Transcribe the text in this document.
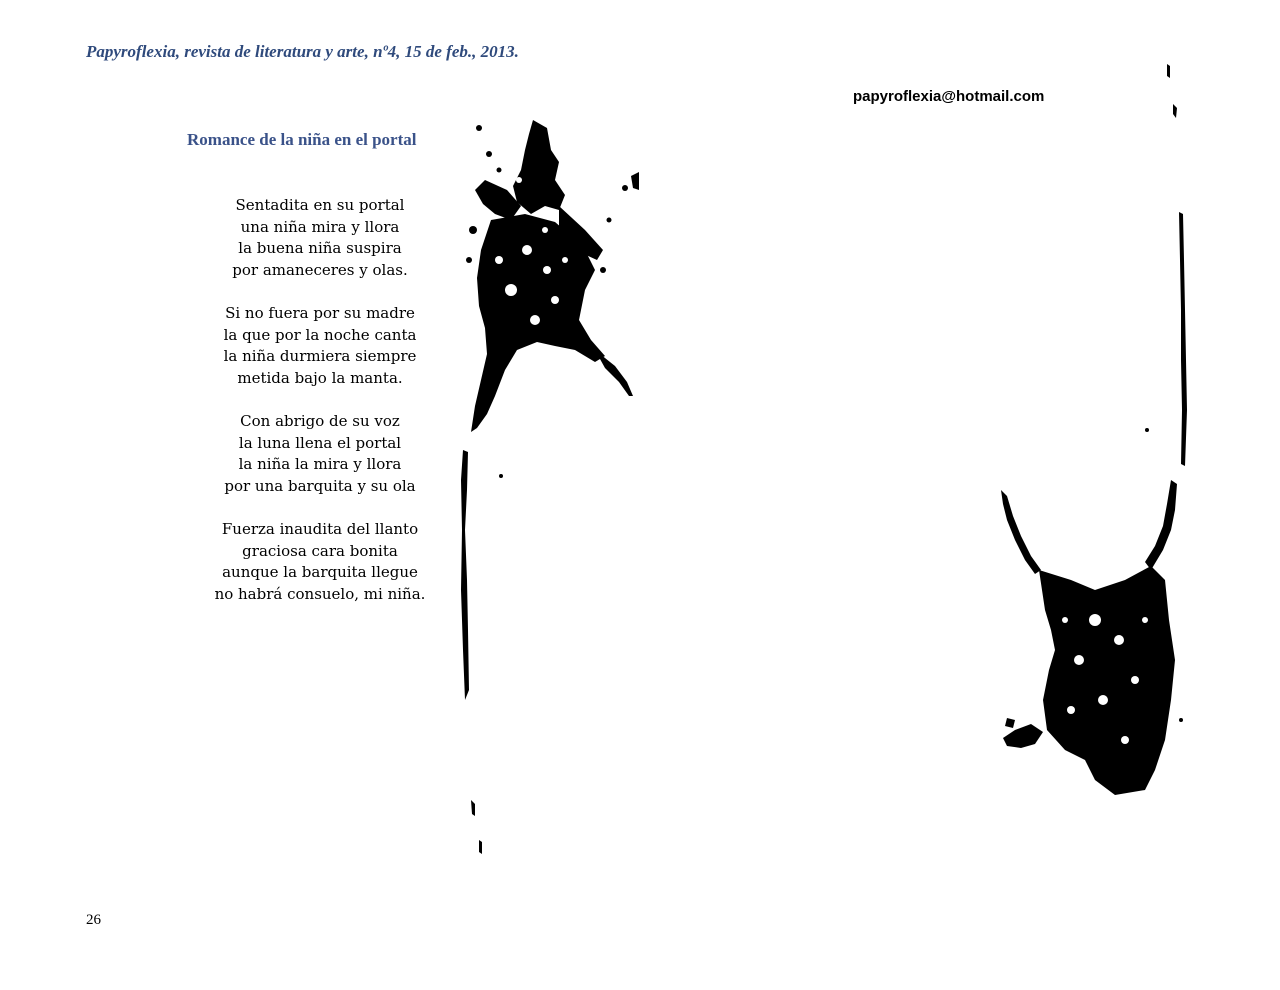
Papyroflexia, revista de literatura y arte, nº4, 15 de feb., 2013.
papyroflexia@hotmail.com
Romance de la niña en el portal
Sentadita en su portal
una niña mira y llora
la buena niña suspira
por amaneceres y olas.
Si no fuera por su madre
la que por la noche canta
la niña durmiera siempre
metida bajo la manta.
Con abrigo de su voz
la luna llena el portal
la niña la mira y llora
por una barquita y su ola
Fuerza inaudita del llanto
graciosa cara bonita
aunque la barquita llegue
no habrá consuelo, mi niña.
26
